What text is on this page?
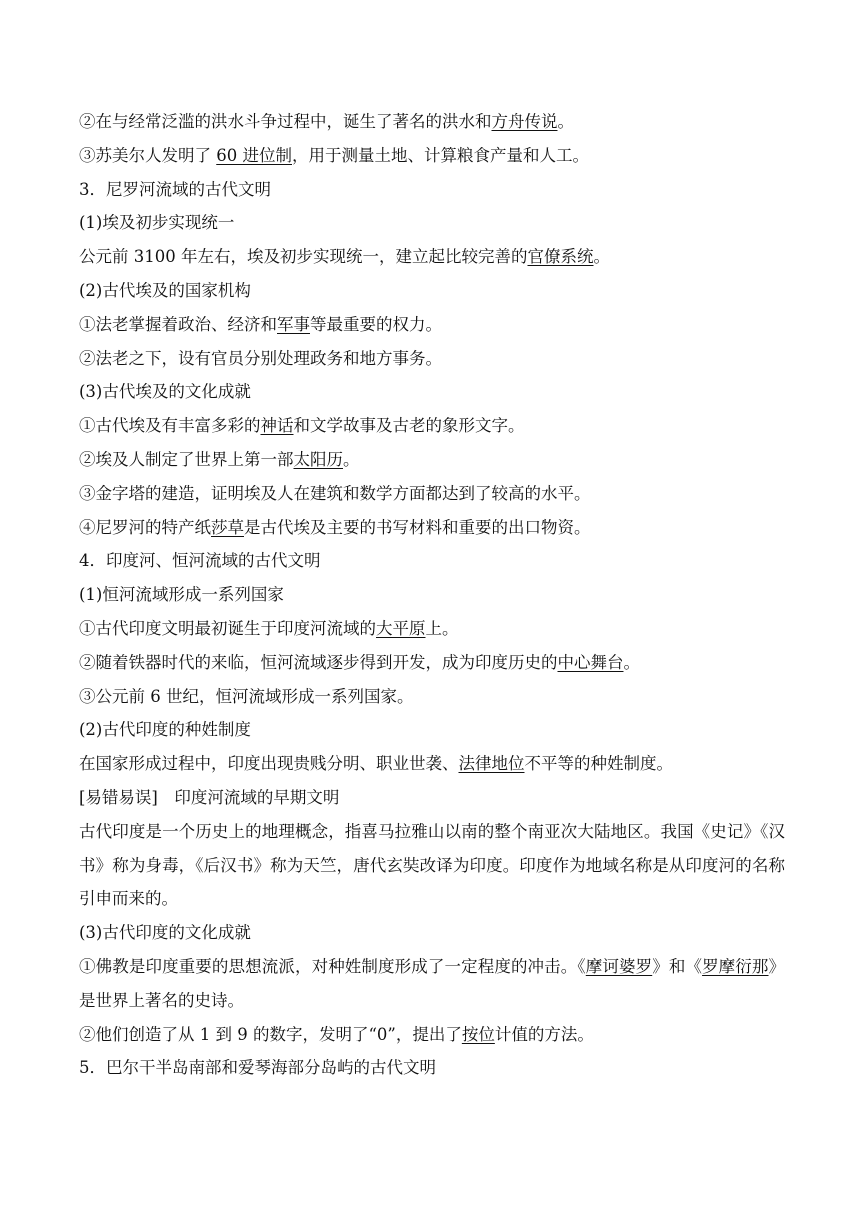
②在与经常泛滥的洪水斗争过程中，诞生了著名的洪水和方舟传说。

③苏美尔人发明了 60 进位制，用于测量土地、计算粮食产量和人工。

3．尼罗河流域的古代文明

(1)埃及初步实现统一

公元前 3100 年左右，埃及初步实现统一，建立起比较完善的官僚系统。

(2)古代埃及的国家机构

①法老掌握着政治、经济和军事等最重要的权力。

②法老之下，设有官员分别处理政务和地方事务。

(3)古代埃及的文化成就

①古代埃及有丰富多彩的神话和文学故事及古老的象形文字。

②埃及人制定了世界上第一部太阳历。

③金字塔的建造，证明埃及人在建筑和数学方面都达到了较高的水平。

④尼罗河的特产纸莎草是古代埃及主要的书写材料和重要的出口物资。

4．印度河、恒河流域的古代文明

(1)恒河流域形成一系列国家

①古代印度文明最初诞生于印度河流域的大平原上。

②随着铁器时代的来临，恒河流域逐步得到开发，成为印度历史的中心舞台。

③公元前 6 世纪，恒河流域形成一系列国家。

(2)古代印度的种姓制度

在国家形成过程中，印度出现贵贱分明、职业世袭、法律地位不平等的种姓制度。

[易错易误]　印度河流域的早期文明

古代印度是一个历史上的地理概念，指喜马拉雅山以南的整个南亚次大陆地区。我国《史记》《汉书》称为身毒，《后汉书》称为天竺，唐代玄奘改译为印度。印度作为地域名称是从印度河的名称引申而来的。

(3)古代印度的文化成就

①佛教是印度重要的思想流派，对种姓制度形成了一定程度的冲击。《摩诃婆罗》和《罗摩衍那》是世界上著名的史诗。

②他们创造了从 1 到 9 的数字，发明了“0”，提出了按位计值的方法。

5．巴尔干半岛南部和爱琴海部分岛屿的古代文明
